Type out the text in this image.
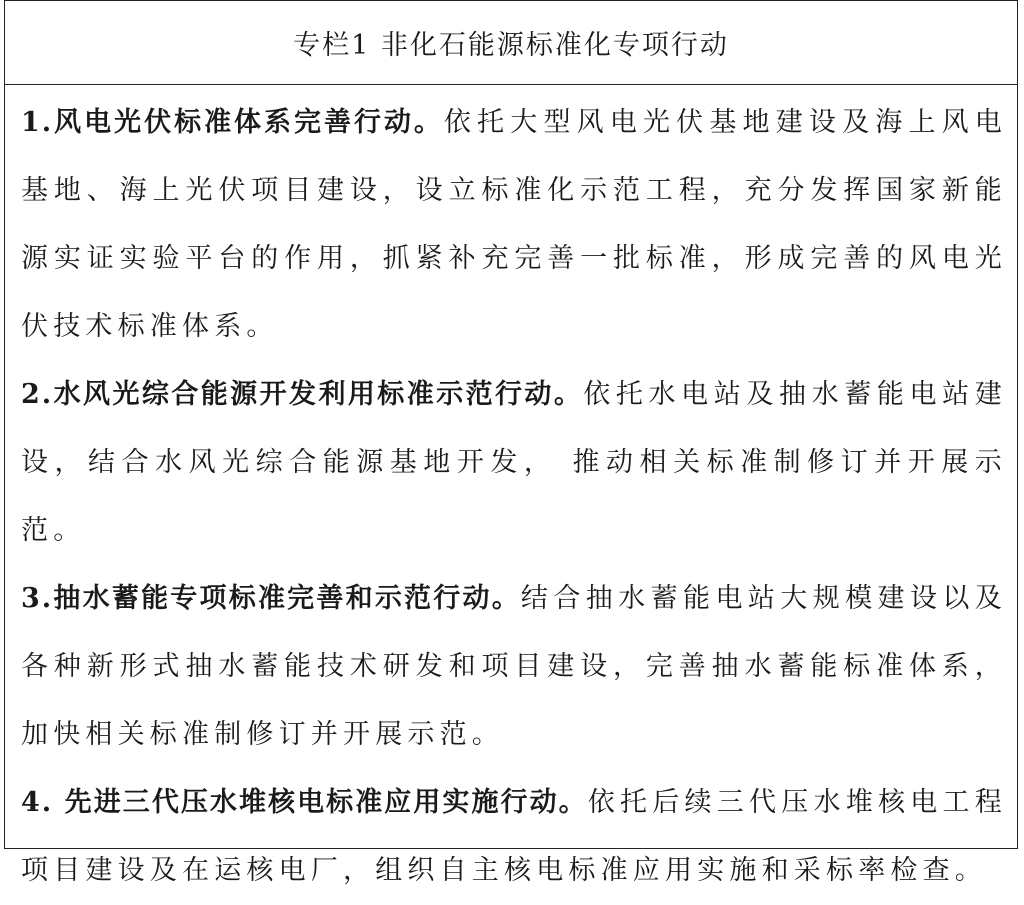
专栏1 非化石能源标准化专项行动

1.风电光伏标准体系完善行动。依托大型风电光伏基地建设及海上风电基地、海上光伏项目建设，设立标准化示范工程，充分发挥国家新能源实证实验平台的作用，抓紧补充完善一批标准，形成完善的风电光伏技术标准体系。

2.水风光综合能源开发利用标准示范行动。依托水电站及抽水蓄能电站建设，结合水风光综合能源基地开发， 推动相关标准制修订并开展示范。

3.抽水蓄能专项标准完善和示范行动。结合抽水蓄能电站大规模建设以及各种新形式抽水蓄能技术研发和项目建设，完善抽水蓄能标准体系，加快相关标准制修订并开展示范。

4. 先进三代压水堆核电标准应用实施行动。依托后续三代压水堆核电工程项目建设及在运核电厂，组织自主核电标准应用实施和采标率检查。
